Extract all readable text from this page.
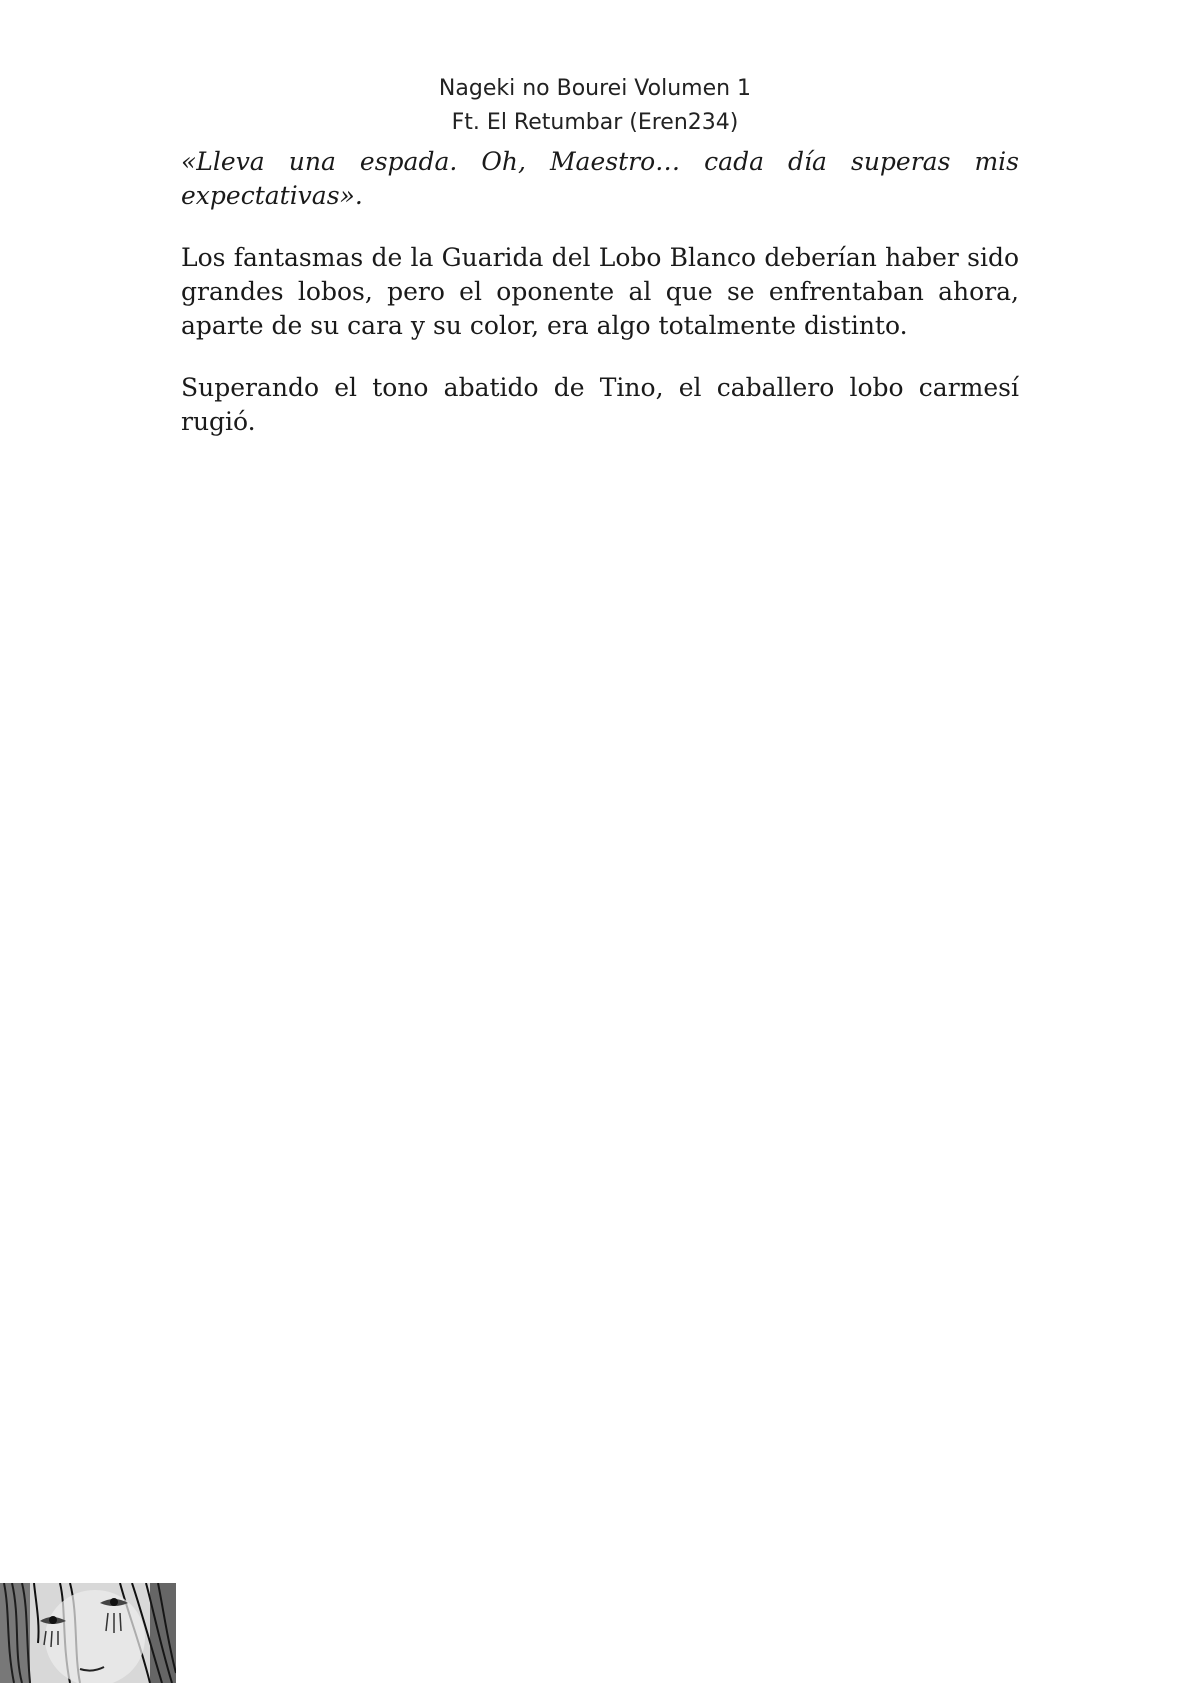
Nageki no Bourei Volumen 1
Ft. El Retumbar (Eren234)

«Lleva una espada. Oh, Maestro… cada día superas mis expectativas».

Los fantasmas de la Guarida del Lobo Blanco deberían haber sido grandes lobos, pero el oponente al que se enfrentaban ahora, aparte de su cara y su color, era algo totalmente distinto.

Superando el tono abatido de Tino, el caballero lobo carmesí rugió.
